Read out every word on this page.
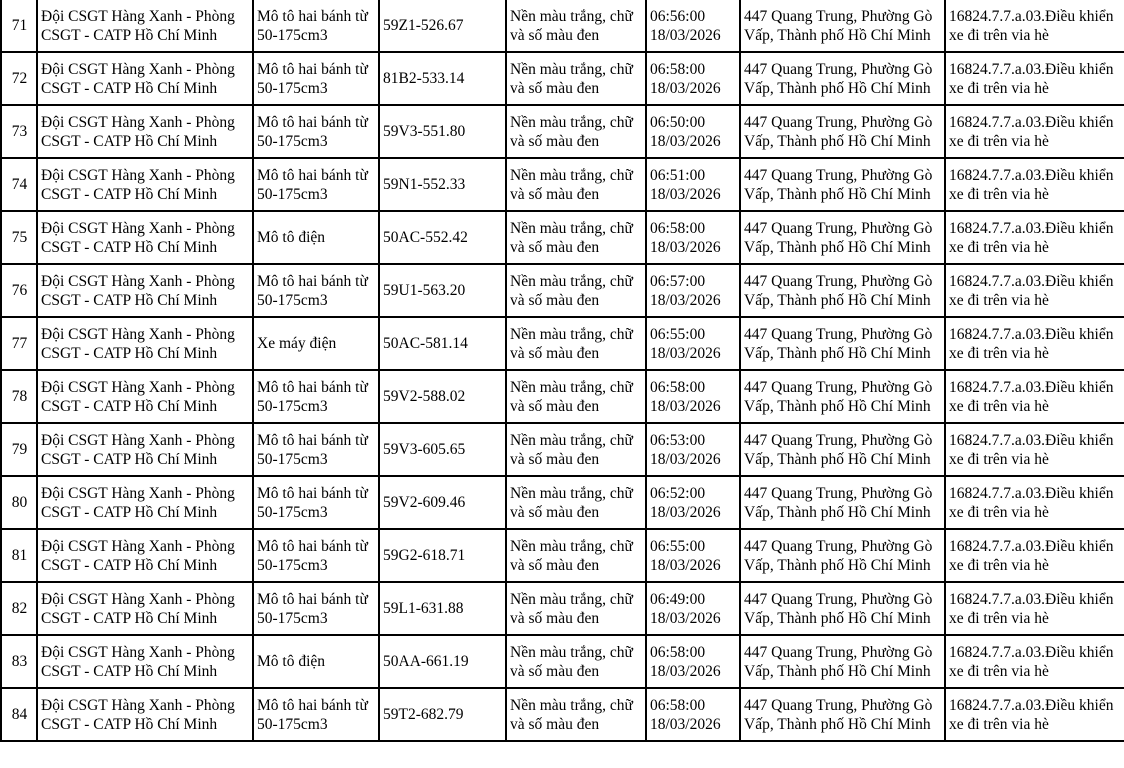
71	Đội CSGT Hàng Xanh - Phòng
CSGT - CATP Hồ Chí Minh	Mô tô hai bánh từ
50-175cm3	59Z1-526.67	Nền màu trắng, chữ
và số màu đen	06:56:00
18/03/2026	447 Quang Trung, Phường Gò
Vấp, Thành phố Hồ Chí Minh	16824.7.7.a.03.Điều khiển
xe đi trên via hè

72	Đội CSGT Hàng Xanh - Phòng
CSGT - CATP Hồ Chí Minh	Mô tô hai bánh từ
50-175cm3	81B2-533.14	Nền màu trắng, chữ
và số màu đen	06:58:00
18/03/2026	447 Quang Trung, Phường Gò
Vấp, Thành phố Hồ Chí Minh	16824.7.7.a.03.Điều khiển
xe đi trên via hè

73	Đội CSGT Hàng Xanh - Phòng
CSGT - CATP Hồ Chí Minh	Mô tô hai bánh từ
50-175cm3	59V3-551.80	Nền màu trắng, chữ
và số màu đen	06:50:00
18/03/2026	447 Quang Trung, Phường Gò
Vấp, Thành phố Hồ Chí Minh	16824.7.7.a.03.Điều khiển
xe đi trên via hè

74	Đội CSGT Hàng Xanh - Phòng
CSGT - CATP Hồ Chí Minh	Mô tô hai bánh từ
50-175cm3	59N1-552.33	Nền màu trắng, chữ
và số màu đen	06:51:00
18/03/2026	447 Quang Trung, Phường Gò
Vấp, Thành phố Hồ Chí Minh	16824.7.7.a.03.Điều khiển
xe đi trên via hè

75	Đội CSGT Hàng Xanh - Phòng
CSGT - CATP Hồ Chí Minh	Mô tô điện	50AC-552.42	Nền màu trắng, chữ
và số màu đen	06:58:00
18/03/2026	447 Quang Trung, Phường Gò
Vấp, Thành phố Hồ Chí Minh	16824.7.7.a.03.Điều khiển
xe đi trên via hè

76	Đội CSGT Hàng Xanh - Phòng
CSGT - CATP Hồ Chí Minh	Mô tô hai bánh từ
50-175cm3	59U1-563.20	Nền màu trắng, chữ
và số màu đen	06:57:00
18/03/2026	447 Quang Trung, Phường Gò
Vấp, Thành phố Hồ Chí Minh	16824.7.7.a.03.Điều khiển
xe đi trên via hè

77	Đội CSGT Hàng Xanh - Phòng
CSGT - CATP Hồ Chí Minh	Xe máy điện	50AC-581.14	Nền màu trắng, chữ
và số màu đen	06:55:00
18/03/2026	447 Quang Trung, Phường Gò
Vấp, Thành phố Hồ Chí Minh	16824.7.7.a.03.Điều khiển
xe đi trên via hè

78	Đội CSGT Hàng Xanh - Phòng
CSGT - CATP Hồ Chí Minh	Mô tô hai bánh từ
50-175cm3	59V2-588.02	Nền màu trắng, chữ
và số màu đen	06:58:00
18/03/2026	447 Quang Trung, Phường Gò
Vấp, Thành phố Hồ Chí Minh	16824.7.7.a.03.Điều khiển
xe đi trên via hè

79	Đội CSGT Hàng Xanh - Phòng
CSGT - CATP Hồ Chí Minh	Mô tô hai bánh từ
50-175cm3	59V3-605.65	Nền màu trắng, chữ
và số màu đen	06:53:00
18/03/2026	447 Quang Trung, Phường Gò
Vấp, Thành phố Hồ Chí Minh	16824.7.7.a.03.Điều khiển
xe đi trên via hè

80	Đội CSGT Hàng Xanh - Phòng
CSGT - CATP Hồ Chí Minh	Mô tô hai bánh từ
50-175cm3	59V2-609.46	Nền màu trắng, chữ
và số màu đen	06:52:00
18/03/2026	447 Quang Trung, Phường Gò
Vấp, Thành phố Hồ Chí Minh	16824.7.7.a.03.Điều khiển
xe đi trên via hè

81	Đội CSGT Hàng Xanh - Phòng
CSGT - CATP Hồ Chí Minh	Mô tô hai bánh từ
50-175cm3	59G2-618.71	Nền màu trắng, chữ
và số màu đen	06:55:00
18/03/2026	447 Quang Trung, Phường Gò
Vấp, Thành phố Hồ Chí Minh	16824.7.7.a.03.Điều khiển
xe đi trên via hè

82	Đội CSGT Hàng Xanh - Phòng
CSGT - CATP Hồ Chí Minh	Mô tô hai bánh từ
50-175cm3	59L1-631.88	Nền màu trắng, chữ
và số màu đen	06:49:00
18/03/2026	447 Quang Trung, Phường Gò
Vấp, Thành phố Hồ Chí Minh	16824.7.7.a.03.Điều khiển
xe đi trên via hè

83	Đội CSGT Hàng Xanh - Phòng
CSGT - CATP Hồ Chí Minh	Mô tô điện	50AA-661.19	Nền màu trắng, chữ
và số màu đen	06:58:00
18/03/2026	447 Quang Trung, Phường Gò
Vấp, Thành phố Hồ Chí Minh	16824.7.7.a.03.Điều khiển
xe đi trên via hè

84	Đội CSGT Hàng Xanh - Phòng
CSGT - CATP Hồ Chí Minh	Mô tô hai bánh từ
50-175cm3	59T2-682.79	Nền màu trắng, chữ
và số màu đen	06:58:00
18/03/2026	447 Quang Trung, Phường Gò
Vấp, Thành phố Hồ Chí Minh	16824.7.7.a.03.Điều khiển
xe đi trên via hè
